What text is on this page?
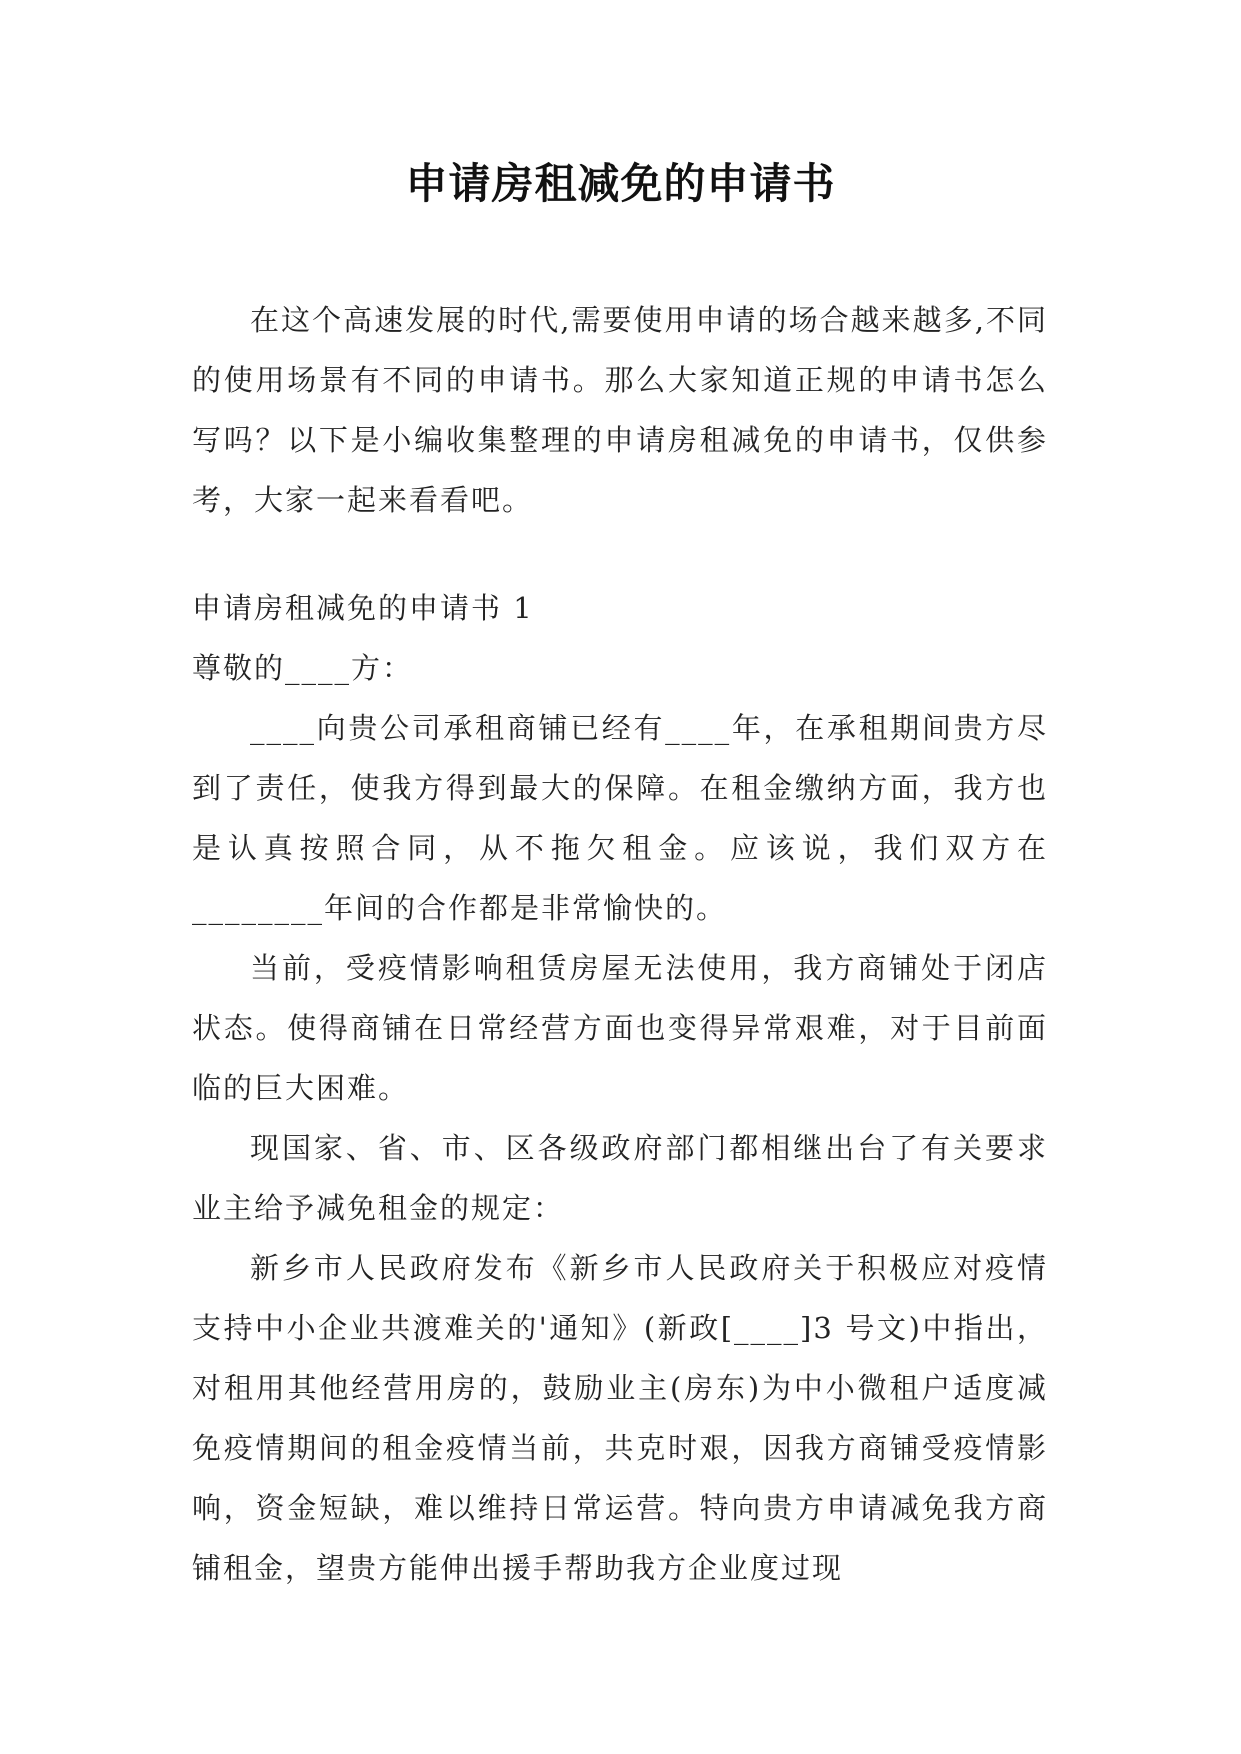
申请房租减免的申请书

在这个高速发展的时代,需要使用申请的场合越来越多,不同的使用场景有不同的申请书。那么大家知道正规的申请书怎么写吗？以下是小编收集整理的申请房租减免的申请书，仅供参考，大家一起来看看吧。

申请房租减免的申请书 1

尊敬的____方：

____向贵公司承租商铺已经有____年，在承租期间贵方尽到了责任，使我方得到最大的保障。在租金缴纳方面，我方也是认真按照合同，从不拖欠租金。应该说，我们双方在________年间的合作都是非常愉快的。

当前，受疫情影响租赁房屋无法使用，我方商铺处于闭店状态。使得商铺在日常经营方面也变得异常艰难，对于目前面临的巨大困难。

现国家、省、市、区各级政府部门都相继出台了有关要求业主给予减免租金的规定：

新乡市人民政府发布《新乡市人民政府关于积极应对疫情支持中小企业共渡难关的'通知》(新政[____]3 号文)中指出，对租用其他经营用房的，鼓励业主(房东)为中小微租户适度减免疫情期间的租金疫情当前，共克时艰，因我方商铺受疫情影响，资金短缺，难以维持日常运营。特向贵方申请减免我方商铺租金，望贵方能伸出援手帮助我方企业度过现
